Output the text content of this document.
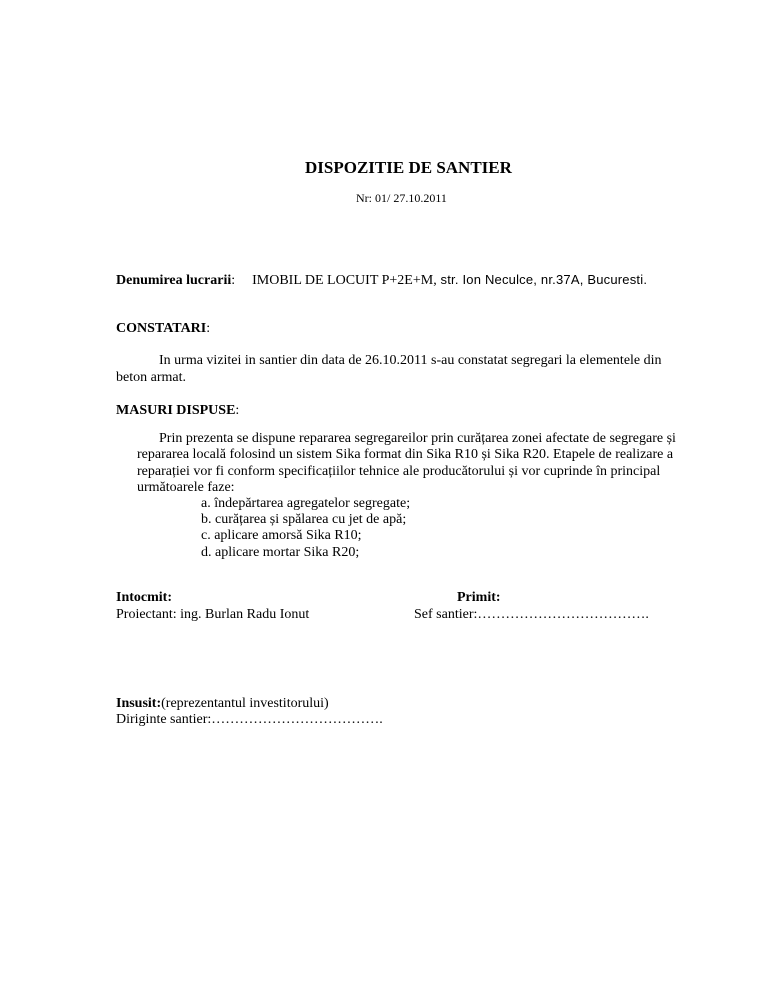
DISPOZITIE DE SANTIER
Nr: 01/ 27.10.2011
Denumirea lucrarii: IMOBIL DE LOCUIT P+2E+M, str. Ion Neculce, nr.37A, Bucuresti.
CONSTATARI:
In urma vizitei in santier din data de 26.10.2011 s-au constatat segregari la elementele din
beton armat.
MASURI DISPUSE:
Prin prezenta se dispune repararea segregareilor prin curățarea zonei afectate de segregare și
repararea locală folosind un sistem Sika format din Sika R10 și Sika R20. Etapele de realizare a
reparației vor fi conform specificațiilor tehnice ale producătorului și vor cuprinde în principal
următoarele faze:
a. îndepărtarea agregatelor segregate;
b. curățarea și spălarea cu jet de apă;
c. aplicare amorsă Sika R10;
d. aplicare mortar Sika R20;
Intocmit:
Proiectant: ing. Burlan Radu Ionut
Primit:
Sef santier:……………………………….
Insusit:(reprezentantul investitorului)
Diriginte santier:……………………………….
